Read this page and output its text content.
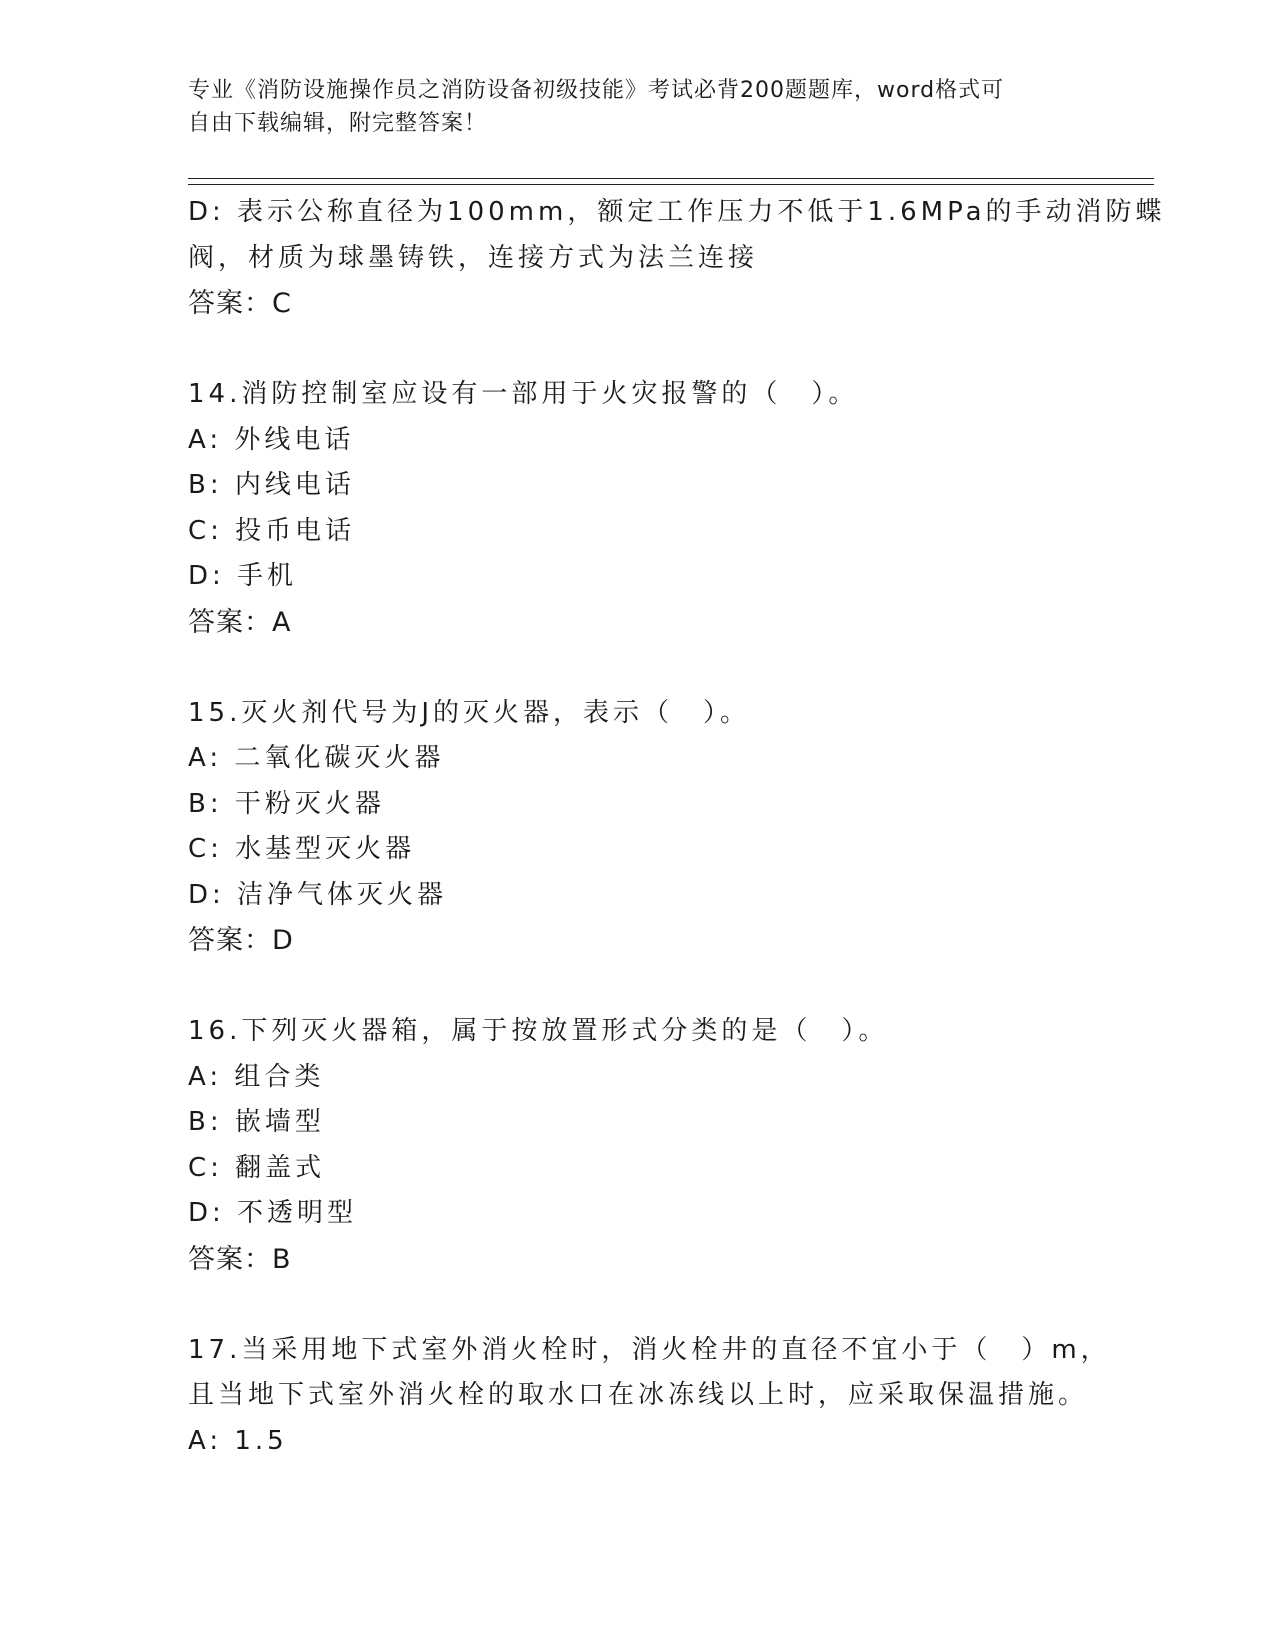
专业《消防设施操作员之消防设备初级技能》考试必背200题题库，word格式可
自由下载编辑，附完整答案！
D: 表示公称直径为100mm，额定工作压力不低于1.6MPa的手动消防蝶
阀，材质为球墨铸铁，连接方式为法兰连接
答案：C
14.消防控制室应设有一部用于火灾报警的（　）。
A: 外线电话
B: 内线电话
C: 投币电话
D: 手机
答案：A
15.灭火剂代号为J的灭火器，表示（　）。
A: 二氧化碳灭火器
B: 干粉灭火器
C: 水基型灭火器
D: 洁净气体灭火器
答案：D
16.下列灭火器箱，属于按放置形式分类的是（　）。
A: 组合类
B: 嵌墙型
C: 翻盖式
D: 不透明型
答案：B
17.当采用地下式室外消火栓时，消火栓井的直径不宜小于（　）m，
且当地下式室外消火栓的取水口在冰冻线以上时，应采取保温措施。
A: 1.5
